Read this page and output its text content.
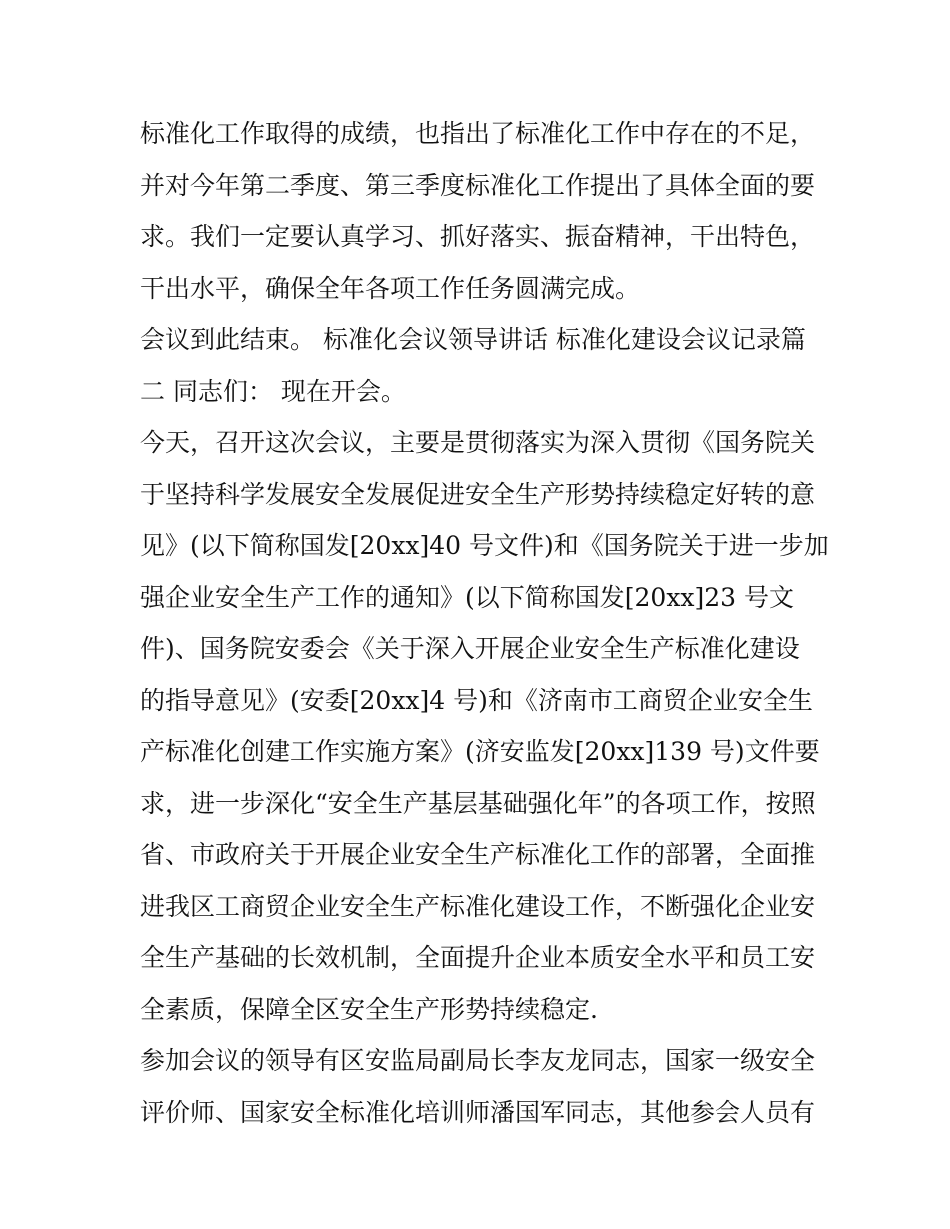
标准化工作取得的成绩，也指出了标准化工作中存在的不足，
并对今年第二季度、第三季度标准化工作提出了具体全面的要
求。我们一定要认真学习、抓好落实、振奋精神，干出特色，
干出水平，确保全年各项工作任务圆满完成。
会议到此结束。 标准化会议领导讲话 标准化建设会议记录篇
二 同志们： 现在开会。
今天，召开这次会议，主要是贯彻落实为深入贯彻《国务院关
于坚持科学发展安全发展促进安全生产形势持续稳定好转的意
见》(以下简称国发[20xx]40 号文件)和《国务院关于进一步加
强企业安全生产工作的通知》(以下简称国发[20xx]23 号文
件)、国务院安委会《关于深入开展企业安全生产标准化建设
的指导意见》(安委[20xx]4 号)和《济南市工商贸企业安全生
产标准化创建工作实施方案》(济安监发[20xx]139 号)文件要
求，进一步深化“安全生产基层基础强化年”的各项工作，按照
省、市政府关于开展企业安全生产标准化工作的部署，全面推
进我区工商贸企业安全生产标准化建设工作，不断强化企业安
全生产基础的长效机制，全面提升企业本质安全水平和员工安
全素质，保障全区安全生产形势持续稳定.
参加会议的领导有区安监局副局长李友龙同志，国家一级安全
评价师、国家安全标准化培训师潘国军同志，其他参会人员有
